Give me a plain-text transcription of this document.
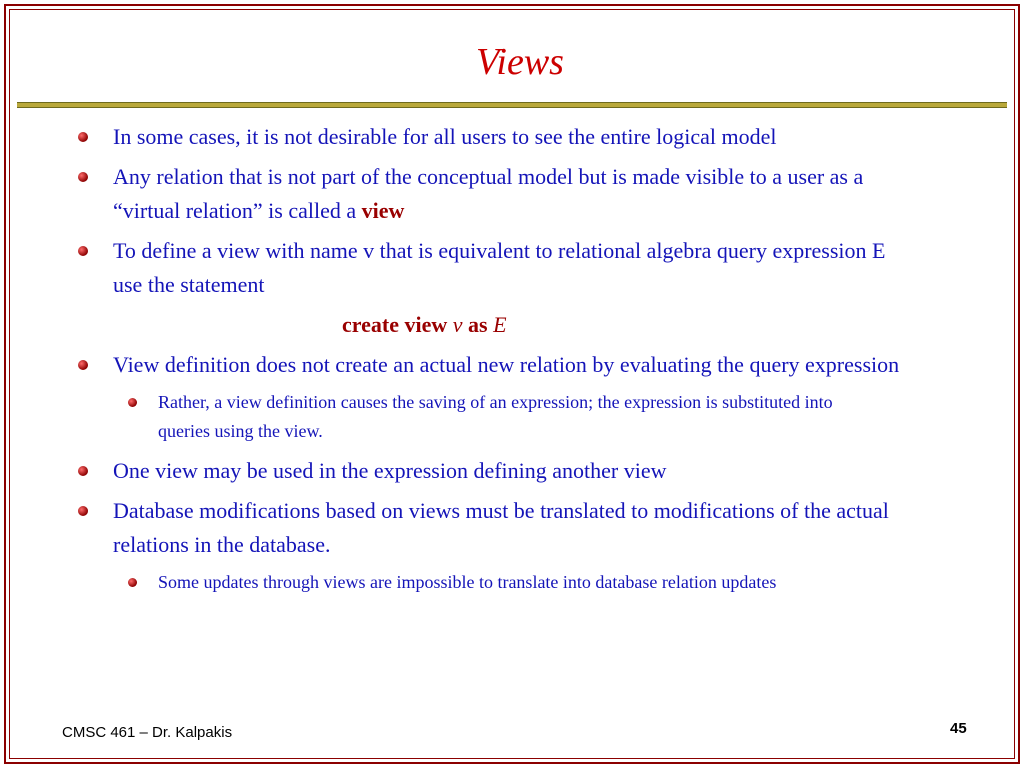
Views
In some cases, it is not desirable for all users to see the entire logical model
Any relation that is not part of the conceptual model but is made visible to a user as a “virtual relation” is called a view
To define a view with name v that is equivalent to relational algebra query expression E use the statement
create view v as E
View definition does not create an actual new relation by evaluating the query expression
Rather, a view definition causes the saving of an expression; the expression is substituted into queries using the view.
One view may be used in the expression defining another view
Database modifications based on views must be translated to modifications of the actual relations in the database.
Some updates through views are impossible to translate into database relation updates
CMSC 461 – Dr. Kalpakis	45
